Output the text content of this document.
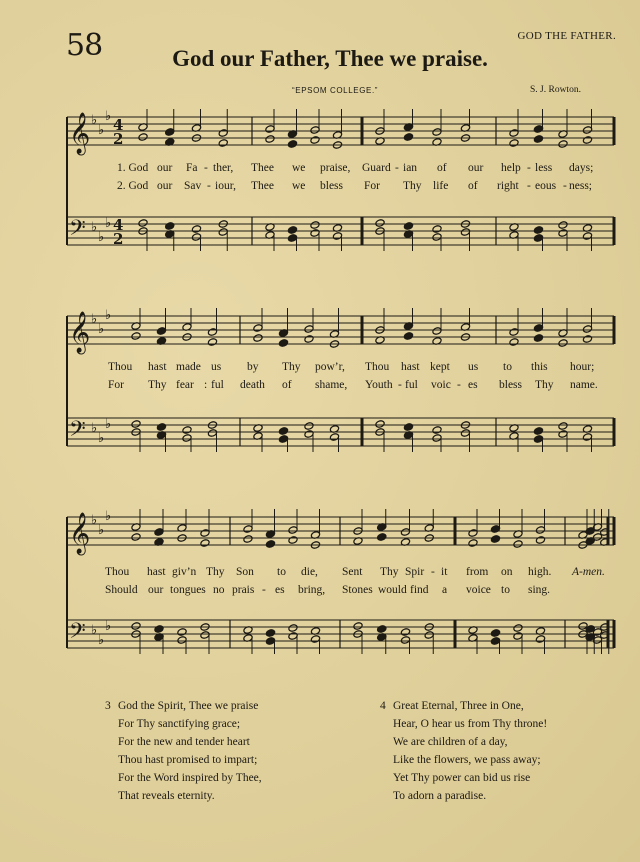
58	GOD THE FATHER.
God our Father, Thee we praise.
“EPSOM COLLEGE.”	S. J. Rowton.
𝄞
𝄢
♭
♭
♭
♭
♭
♭
4
2
4
2
𝄞
𝄢
♭
♭
♭
♭
♭
♭
𝄞
𝄢
♭
♭
♭
♭
♭
♭
1. God our Fa - ther, Thee we praise, Guard - ian of our help - less days;
2. God our Sav - iour, Thee we bless For Thy life of right - eous - ness;
Thou hast made us by Thy pow’r, Thou hast kept us to this hour;
For Thy fear : ful death of shame, Youth - ful voic - es bless Thy name.
Thou hast giv’n Thy Son to die, Sent Thy Spir - it from on high. A-men.
Should our tongues no prais - es bring, Stones would find a voice to sing.
3 God the Spirit, Thee we praise
For Thy sanctifying grace;
For the new and tender heart
Thou hast promised to impart;
For the Word inspired by Thee,
That reveals eternity.
4 Great Eternal, Three in One,
Hear, O hear us from Thy throne!
We are children of a day,
Like the flowers, we pass away;
Yet Thy power can bid us rise
To adorn a paradise.
